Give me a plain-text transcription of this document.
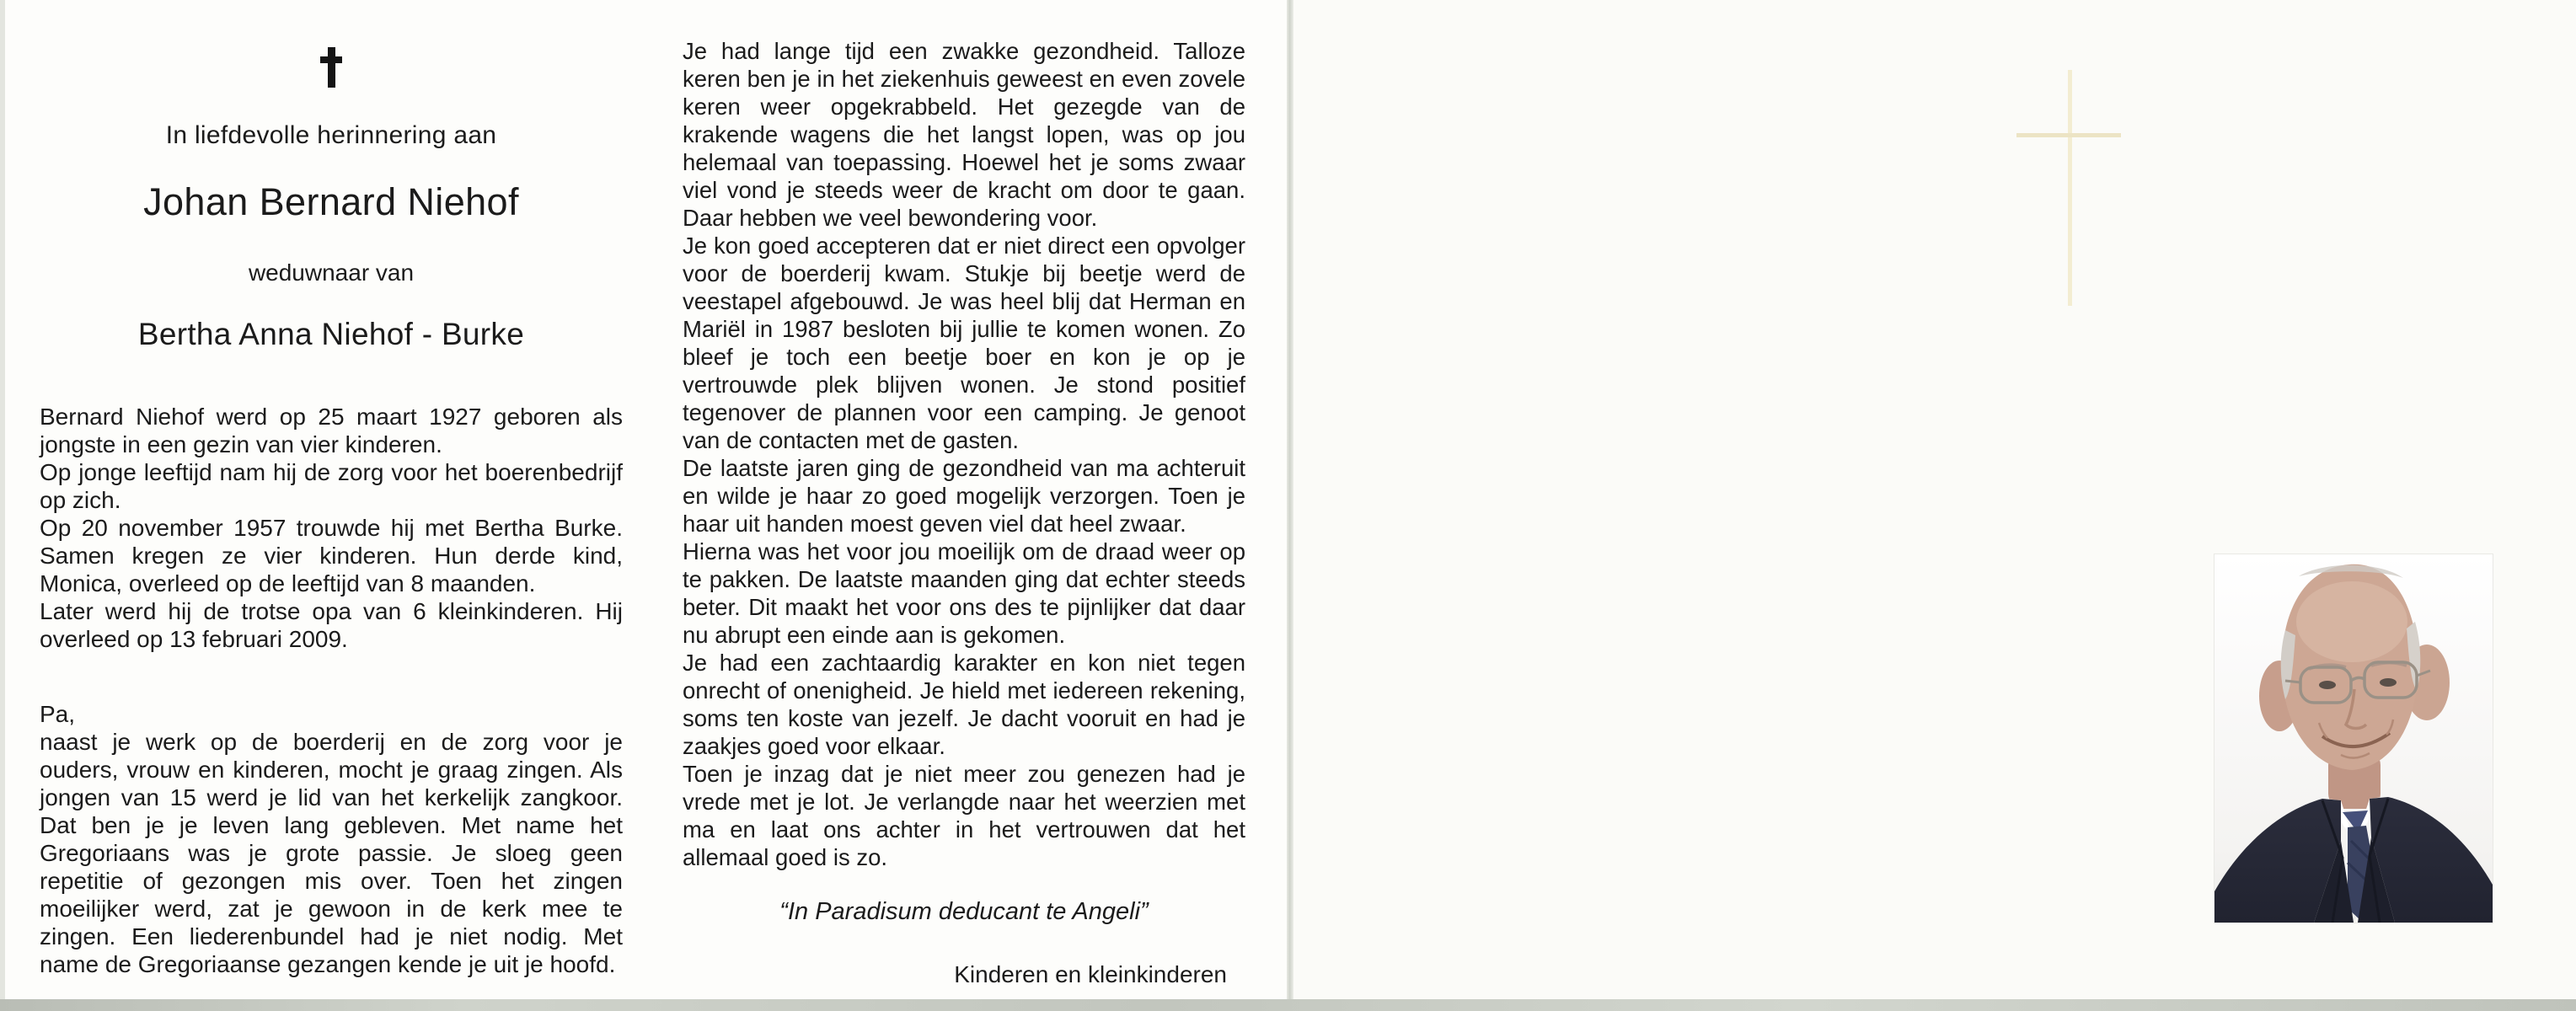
In liefdevolle herinnering aan
Johan Bernard Niehof
weduwnaar van
Bertha Anna Niehof - Burke

Bernard Niehof werd op 25 maart 1927 geboren als jongste in een gezin van vier kinderen.

Op jonge leeftijd nam hij de zorg voor het boerenbedrijf op zich.

Op 20 november 1957 trouwde hij met Bertha Burke. Samen kregen ze vier kinderen. Hun derde kind, Monica, overleed op de leeftijd van 8 maanden.

Later werd hij de trotse opa van 6 kleinkinderen. Hij overleed op 13 februari 2009.

Pa,

naast je werk op de boerderij en de zorg voor je ouders, vrouw en kinderen, mocht je graag zingen. Als jongen van 15 werd je lid van het kerkelijk zangkoor. Dat ben je je leven lang gebleven. Met name het Gregoriaans was je grote passie. Je sloeg geen repetitie of gezongen mis over. Toen het zingen moeilijker werd, zat je gewoon in de kerk mee te zingen. Een liederenbundel had je niet nodig. Met name de Gregoriaanse gezangen kende je uit je hoofd.

Je had lange tijd een zwakke gezondheid. Talloze keren ben je in het ziekenhuis geweest en even zovele keren weer opgekrabbeld. Het gezegde van de krakende wagens die het langst lopen, was op jou helemaal van toepassing. Hoewel het je soms zwaar viel vond je steeds weer de kracht om door te gaan. Daar hebben we veel bewondering voor.

Je kon goed accepteren dat er niet direct een opvolger voor de boerderij kwam. Stukje bij beetje werd de veestapel afgebouwd. Je was heel blij dat Herman en Mariël in 1987 besloten bij jullie te komen wonen. Zo bleef je toch een beetje boer en kon je op je vertrouwde plek blijven wonen. Je stond positief tegenover de plannen voor een camping. Je genoot van de contacten met de gasten.

De laatste jaren ging de gezondheid van ma achteruit en wilde je haar zo goed mogelijk verzorgen. Toen je haar uit handen moest geven viel dat heel zwaar.

Hierna was het voor jou moeilijk om de draad weer op te pakken. De laatste maanden ging dat echter steeds beter. Dit maakt het voor ons des te pijnlijker dat daar nu abrupt een einde aan is gekomen.

Je had een zachtaardig karakter en kon niet tegen onrecht of onenigheid. Je hield met iedereen rekening, soms ten koste van jezelf. Je dacht vooruit en had je zaakjes goed voor elkaar.

Toen je inzag dat je niet meer zou genezen had je vrede met je lot. Je verlangde naar het weerzien met ma en laat ons achter in het vertrouwen dat het allemaal goed is zo.

“In Paradisum deducant te Angeli”
Kinderen en kleinkinderen
